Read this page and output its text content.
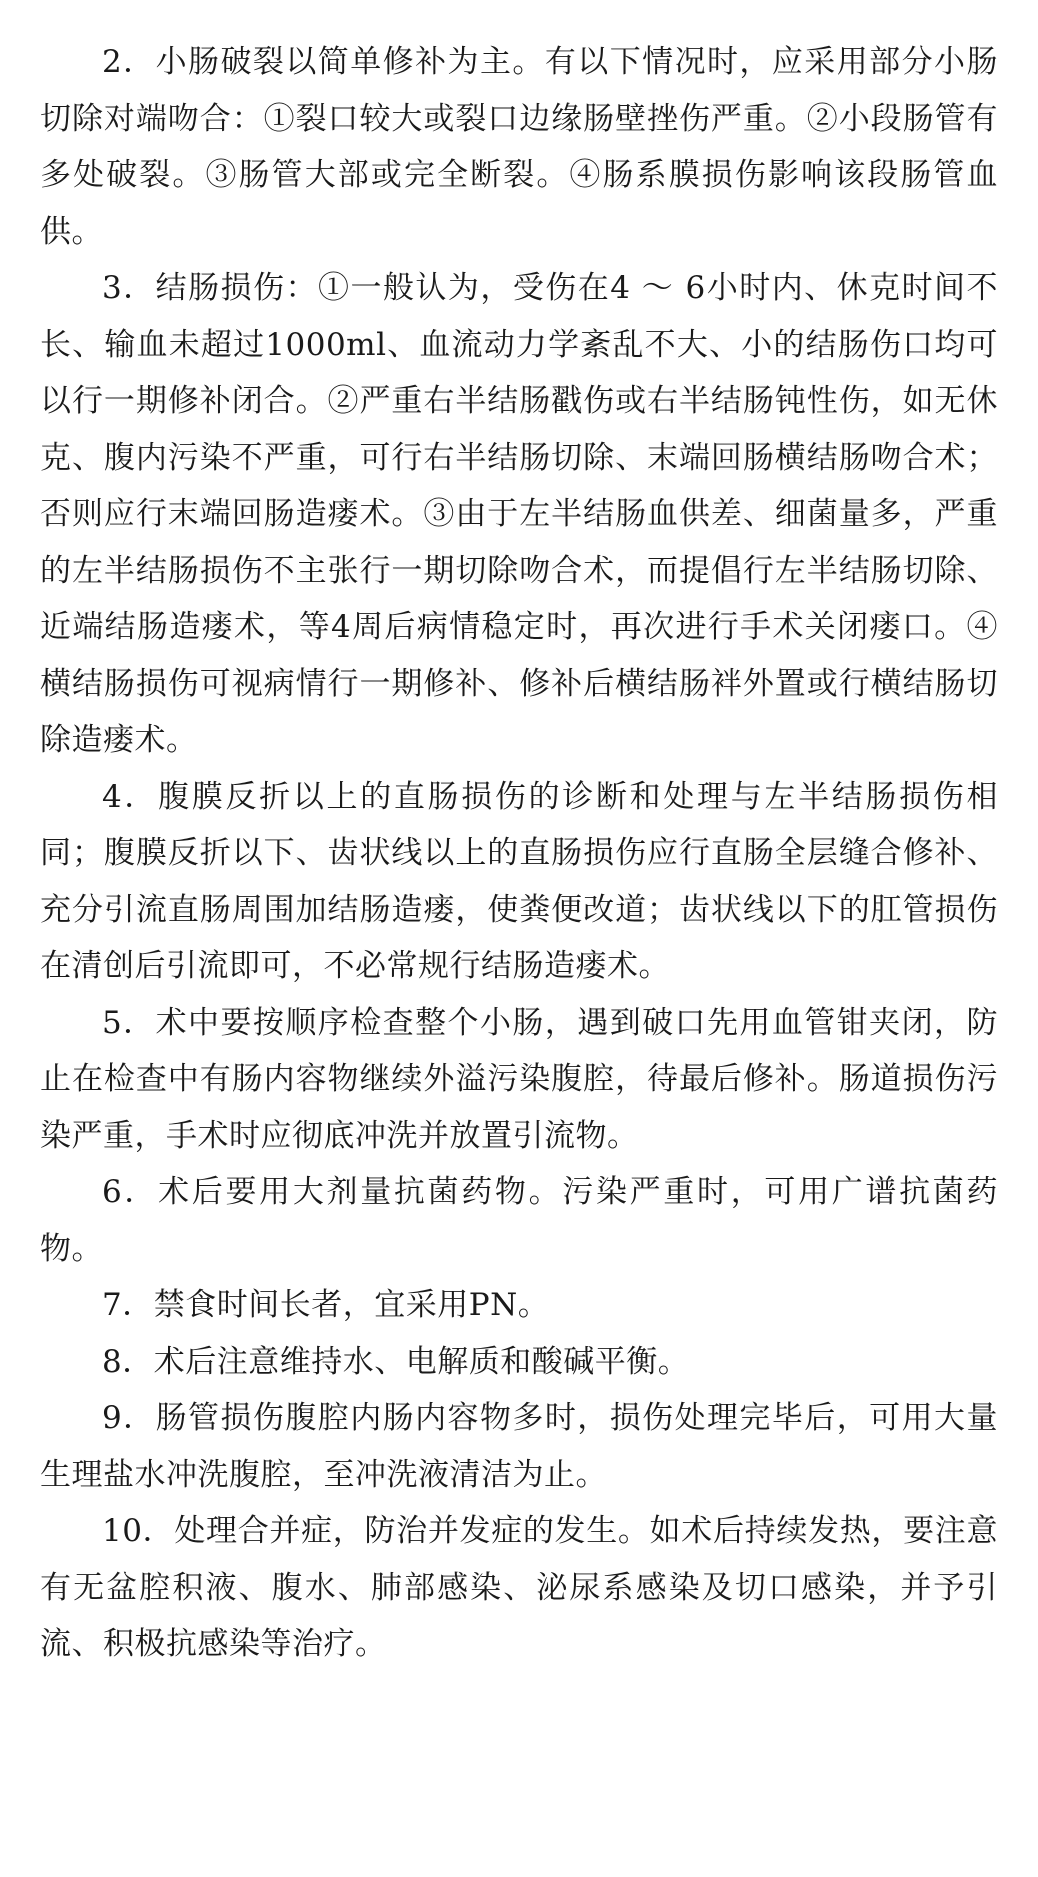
2．小肠破裂以简单修补为主。有以下情况时，应采用部分小肠切除对端吻合：①裂口较大或裂口边缘肠壁挫伤严重。②小段肠管有多处破裂。③肠管大部或完全断裂。④肠系膜损伤影响该段肠管血供。

3．结肠损伤：①一般认为，受伤在4 ～ 6小时内、休克时间不长、输血未超过1000ml、血流动力学紊乱不大、小的结肠伤口均可以行一期修补闭合。②严重右半结肠戳伤或右半结肠钝性伤，如无休克、腹内污染不严重，可行右半结肠切除、末端回肠横结肠吻合术；否则应行末端回肠造瘘术。③由于左半结肠血供差、细菌量多，严重的左半结肠损伤不主张行一期切除吻合术，而提倡行左半结肠切除、近端结肠造瘘术，等4周后病情稳定时，再次进行手术关闭瘘口。④横结肠损伤可视病情行一期修补、修补后横结肠袢外置或行横结肠切除造瘘术。

4．腹膜反折以上的直肠损伤的诊断和处理与左半结肠损伤相同；腹膜反折以下、齿状线以上的直肠损伤应行直肠全层缝合修补、充分引流直肠周围加结肠造瘘，使粪便改道；齿状线以下的肛管损伤在清创后引流即可，不必常规行结肠造瘘术。

5．术中要按顺序检查整个小肠，遇到破口先用血管钳夹闭，防止在检查中有肠内容物继续外溢污染腹腔，待最后修补。肠道损伤污染严重，手术时应彻底冲洗并放置引流物。

6．术后要用大剂量抗菌药物。污染严重时，可用广谱抗菌药物。

7．禁食时间长者，宜采用PN。

8．术后注意维持水、电解质和酸碱平衡。

9．肠管损伤腹腔内肠内容物多时，损伤处理完毕后，可用大量生理盐水冲洗腹腔，至冲洗液清洁为止。

10．处理合并症，防治并发症的发生。如术后持续发热，要注意有无盆腔积液、腹水、肺部感染、泌尿系感染及切口感染，并予引流、积极抗感染等治疗。
